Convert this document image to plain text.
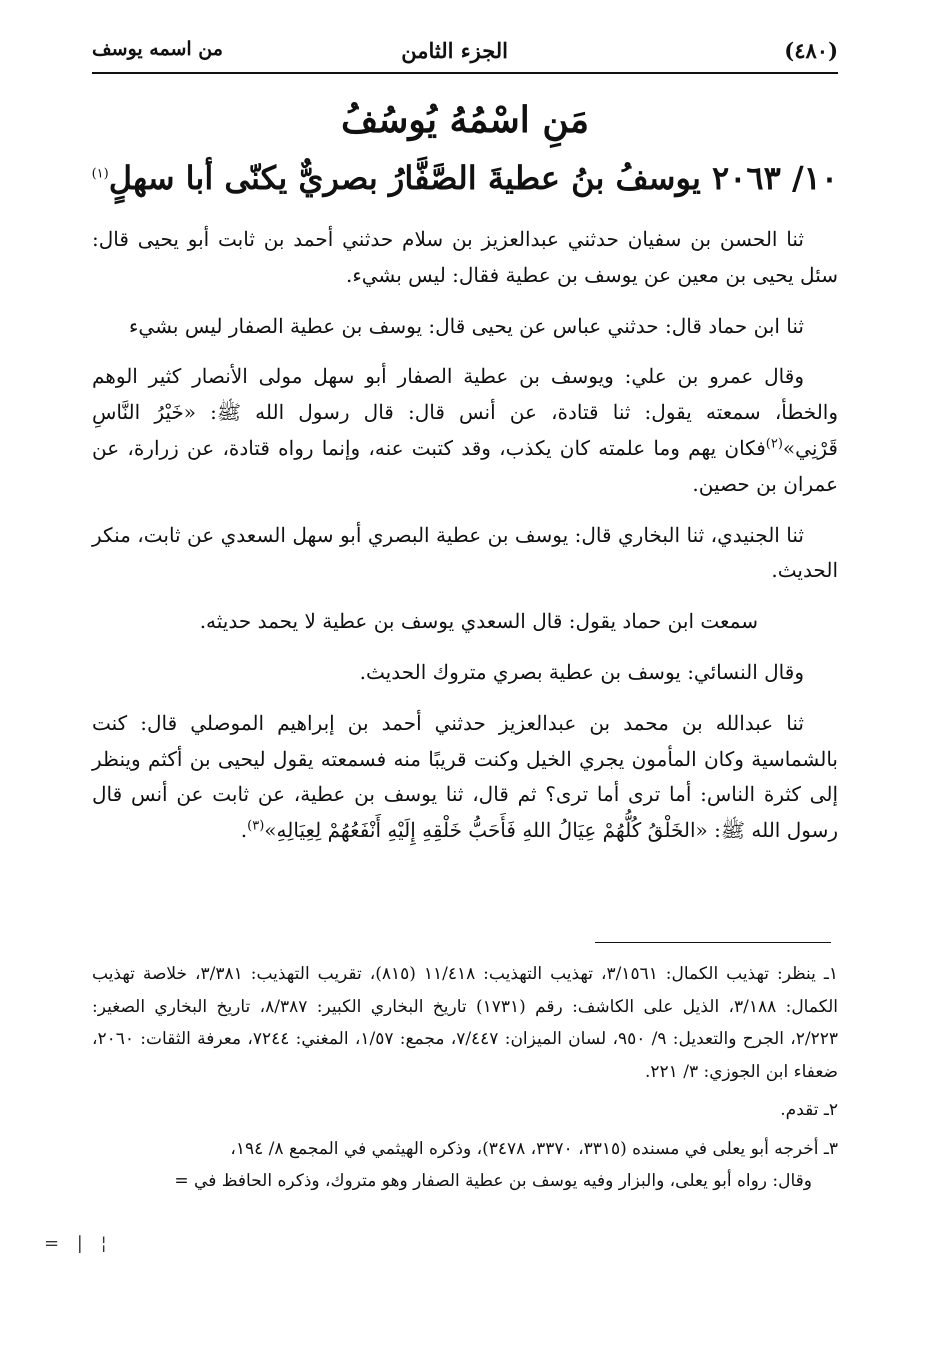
(٤٨٠)
الجزء الثامن
من اسمه يوسف
مَنِ اسْمُهُ يُوسُفُ
١٠/ ٢٠٦٣ يوسفُ بنُ عطيةَ الصَّفَّارُ بصريٌّ يكنّى أبا سهلٍ$^{(١)}$

ثنا الحسن بن سفيان حدثني عبدالعزيز بن سلام حدثني أحمد بن ثابت أبو يحيى قال: سئل يحيى بن معين عن يوسف بن عطية فقال: ليس بشيء.

ثنا ابن حماد قال: حدثني عباس عن يحيى قال: يوسف بن عطية الصفار ليس بشيء

وقال عمرو بن علي: ويوسف بن عطية الصفار أبو سهل مولى الأنصار كثير الوهم والخطأ، سمعته يقول: ثنا قتادة، عن أنس قال: قال رسول الله ﷺ: «خَيْرُ النَّاسِ قَرْنِي»$^{(٢)}$فكان يهم وما علمته كان يكذب، وقد كتبت عنه، وإنما رواه قتادة، عن زرارة، عن عمران بن حصين.

ثنا الجنيدي، ثنا البخاري قال: يوسف بن عطية البصري أبو سهل السعدي عن ثابت، منكر الحديث.

سمعت ابن حماد يقول: قال السعدي يوسف بن عطية لا يحمد حديثه.

وقال النسائي: يوسف بن عطية بصري متروك الحديث.

ثنا عبدالله بن محمد بن عبدالعزيز حدثني أحمد بن إبراهيم الموصلي قال: كنت بالشماسية وكان المأمون يجري الخيل وكنت قريبًا منه فسمعته يقول ليحيى بن أكثم وينظر إلى كثرة الناس: أما ترى أما ترى؟ ثم قال، ثنا يوسف بن عطية، عن ثابت عن أنس قال رسول الله ﷺ: «الخَلْقُ كُلُّهُمْ عِيَالُ اللهِ فَأَحَبُّ خَلْقِهِ إِلَيْهِ أَنْفَعُهُمْ لِعِيَالِهِ»$^{(٣)}$.

١ـ ينظر: تهذيب الكمال: ٣/١٥٦١، تهذيب التهذيب: ١١/٤١٨ (٨١٥)، تقريب التهذيب: ٣/٣٨١، خلاصة تهذيب الكمال: ٣/١٨٨، الذيل على الكاشف: رقم (١٧٣١) تاريخ البخاري الكبير: ٨/٣٨٧، تاريخ البخاري الصغير: ٢/٢٢٣، الجرح والتعديل: ٩/ ٩٥٠، لسان الميزان: ٧/٤٤٧، مجمع: ١/٥٧، المغني: ٧٢٤٤، معرفة الثقات: ٢٠٦٠، ضعفاء ابن الجوزي: ٣/ ٢٢١.

٢ـ تقدم.

٣ـ أخرجه أبو يعلى في مسنده (٣٣١٥، ٣٣٧٠، ٣٤٧٨)، وذكره الهيثمي في المجمع ٨/ ١٩٤،

وقال: رواه أبو يعلى، والبزار وفيه يوسف بن عطية الصفار وهو متروك، وذكره الحافظ في =

= | ¦
